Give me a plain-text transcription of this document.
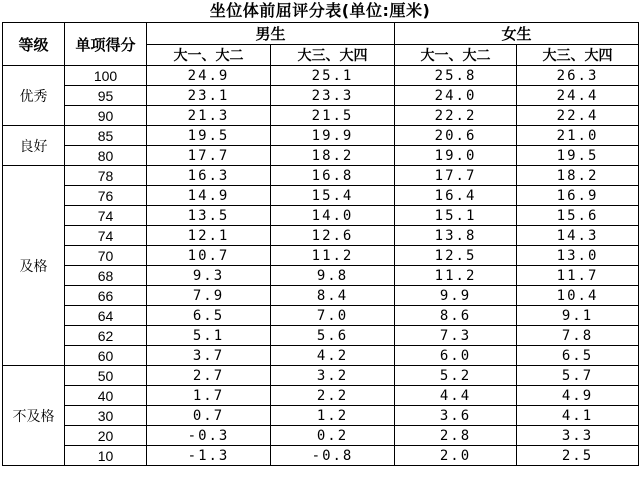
坐位体前屈评分表(单位:厘米)
等级	单项得分	男生		女生	
		大一、大二	大三、大四	大一、大二	大三、大四
优秀	100	24.9	25.1	25.8	26.3
	95	23.1	23.3	24.0	24.4
	90	21.3	21.5	22.2	22.4
良好	85	19.5	19.9	20.6	21.0
	80	17.7	18.2	19.0	19.5
及格	78	16.3	16.8	17.7	18.2
	76	14.9	15.4	16.4	16.9
	74	13.5	14.0	15.1	15.6
	74	12.1	12.6	13.8	14.3
	70	10.7	11.2	12.5	13.0
	68	9.3	9.8	11.2	11.7
	66	7.9	8.4	9.9	10.4
	64	6.5	7.0	8.6	9.1
	62	5.1	5.6	7.3	7.8
	60	3.7	4.2	6.0	6.5
不及格	50	2.7	3.2	5.2	5.7
	40	1.7	2.2	4.4	4.9
	30	0.7	1.2	3.6	4.1
	20	-0.3	0.2	2.8	3.3
	10	-1.3	-0.8	2.0	2.5
